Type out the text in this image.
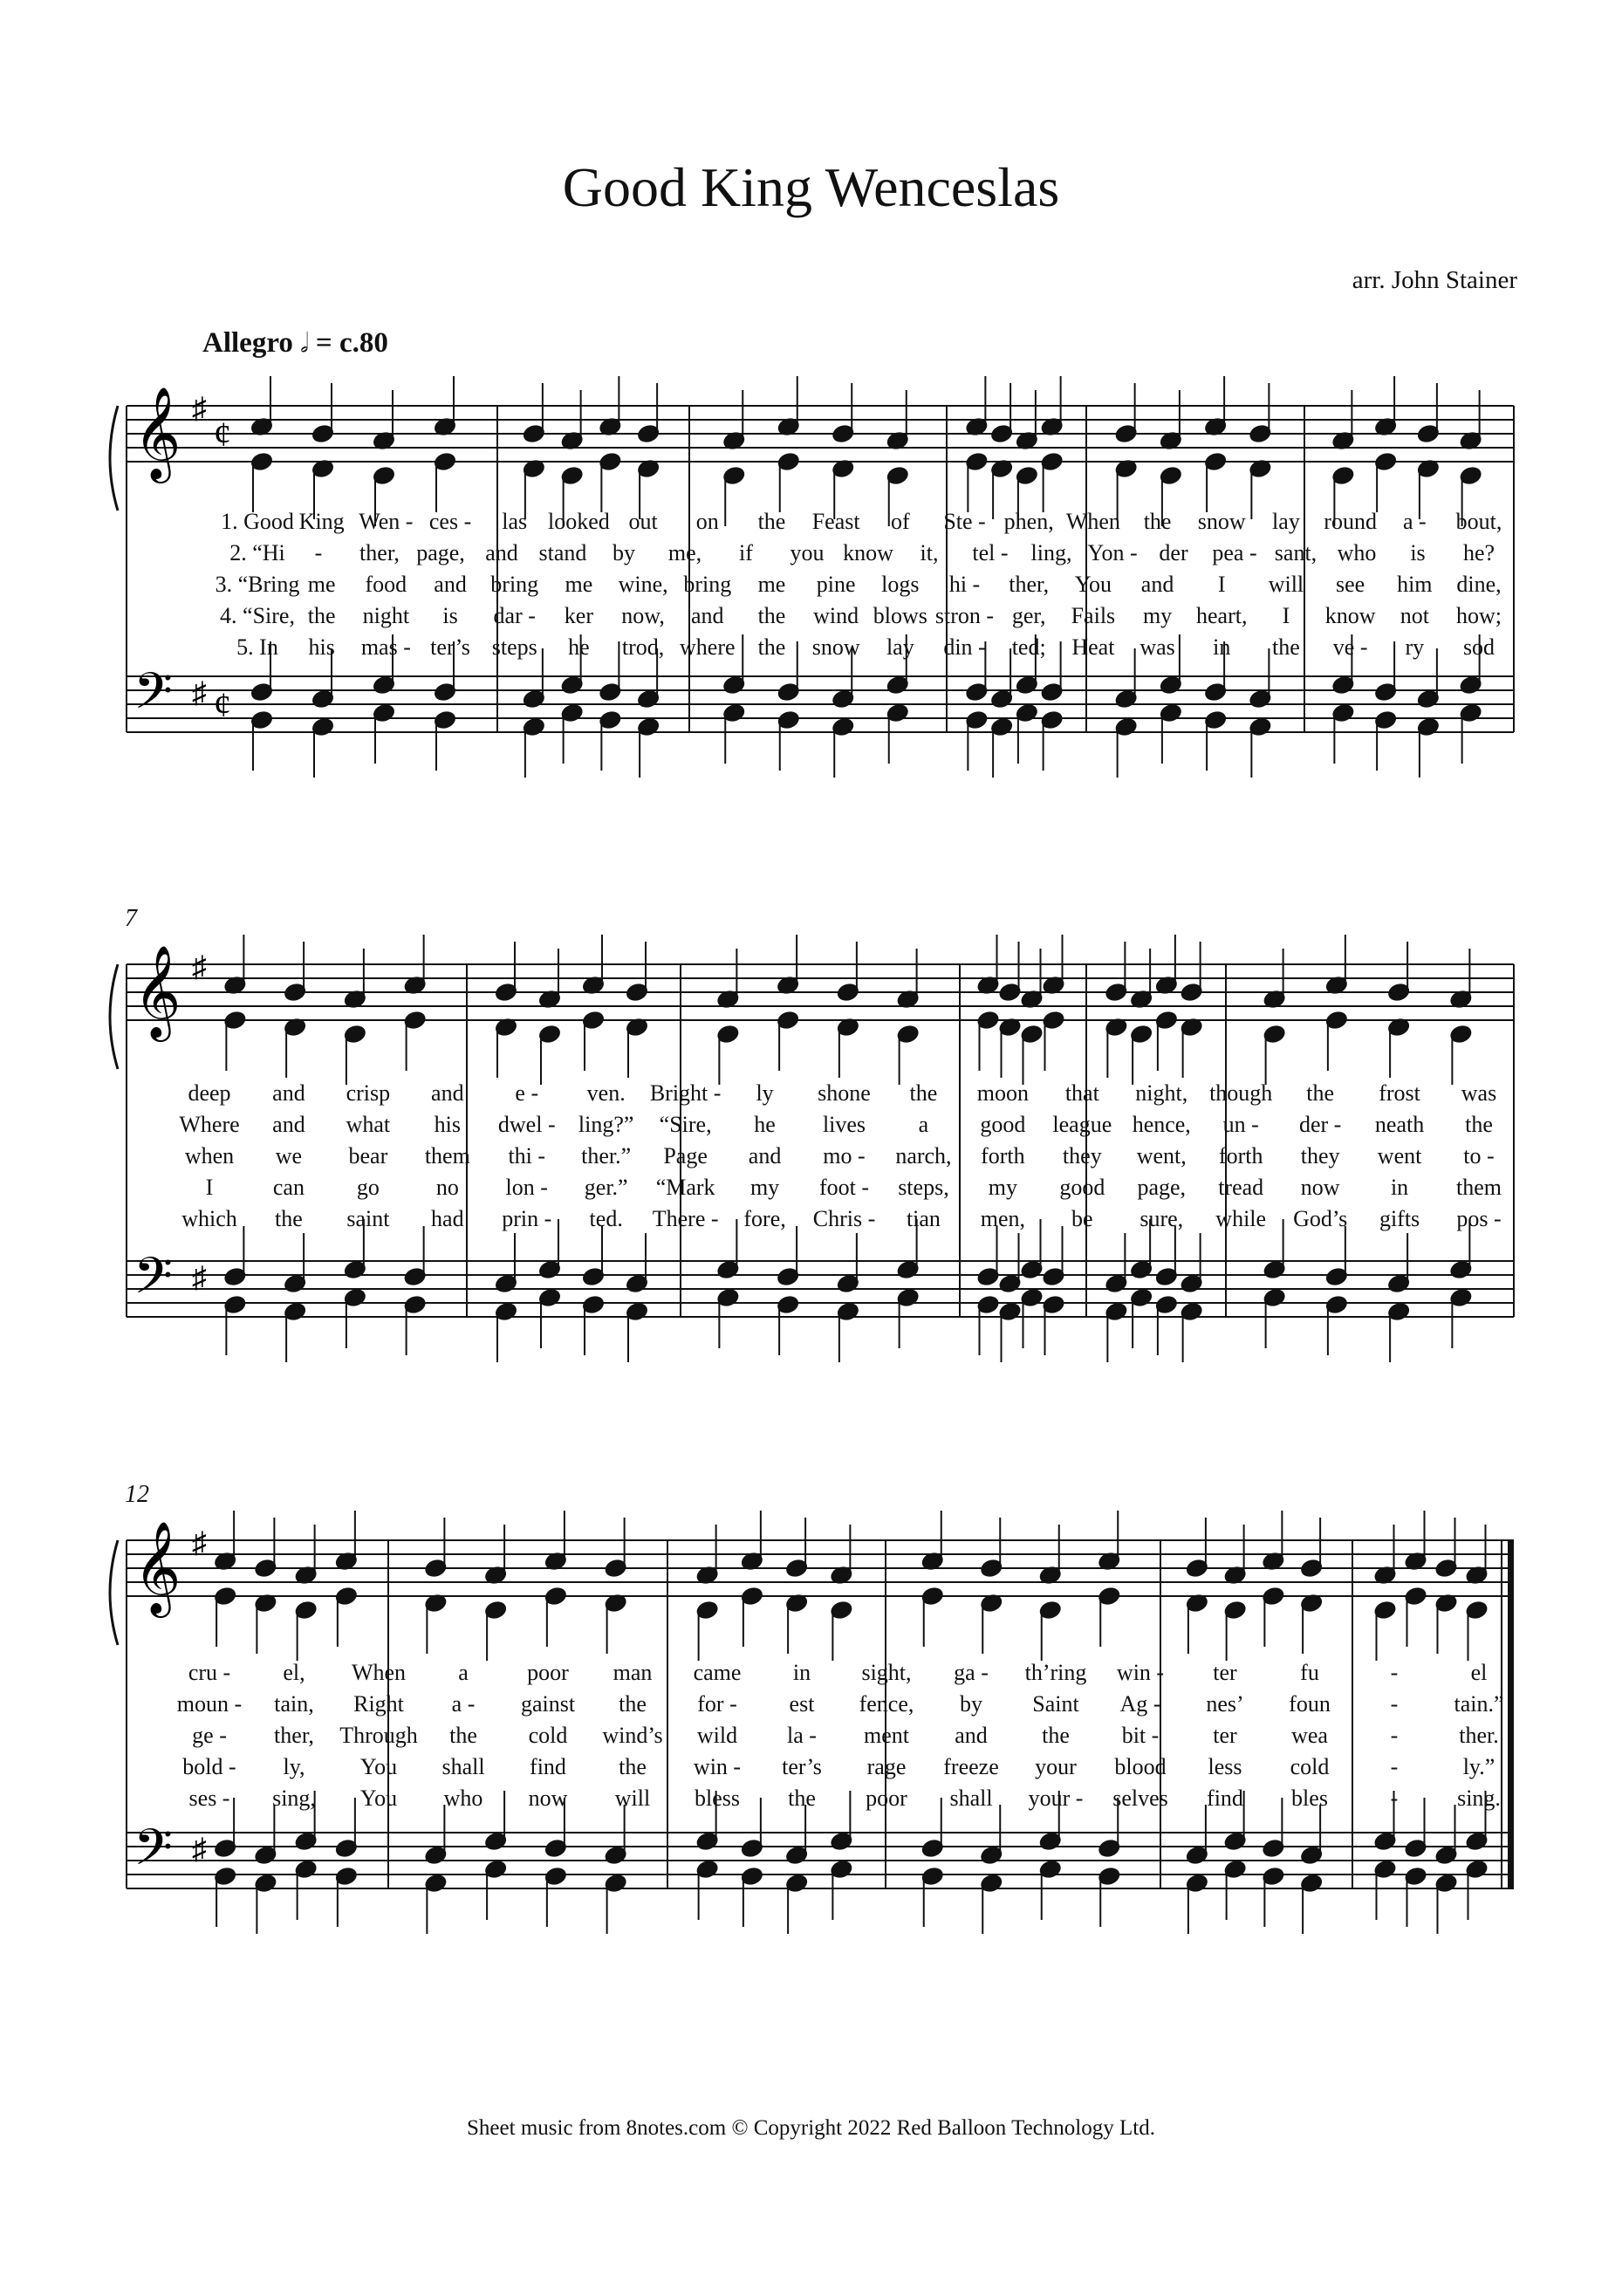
Good King Wenceslas
arr. John Stainer
Allegro 𝅗𝅥 = c.80
𝄞
𝄢
♯
♯
¢
¢
𝄞
𝄢
♯
♯
𝄞
𝄢
♯
♯
1. Good King Wen - ces - las looked out on the Feast of Ste - phen, When the snow lay round a - bout,
2. “Hi - ther, page, and stand by me, if you know it, tel - ling, Yon - der pea - sant, who is he?
3. “Bring me food and bring me wine, bring me pine logs hi - ther, You and I will see him dine,
4. “Sire, the night is dar - ker now, and the wind blows stron - ger, Fails my heart, I know not how;
5. In his mas - ter’s steps he trod, where the snow lay din - ted; Heat was in the ve - ry sod
deep and crisp and e - ven. Bright - ly shone the moon that night, though the frost was
Where and what his dwel - ling?” “Sire, he lives a good league hence, un - der - neath the
when we bear them thi - ther.” Page and mo - narch, forth they went, forth they went to -
I	can go no lon - ger.” “Mark my foot - steps, my good page, tread now in them
which the saint had prin - ted. There - fore, Chris - tian men, be sure, while God’s gifts pos -
7
cru - el, When a	poor man came in sight, ga - th’ring win - ter	fu	-	el
moun - tain, Right a - gainst the for - est fence, by Saint Ag - nes’ foun	- tain.”
ge - ther, Through the cold wind’s wild la - ment and the bit - ter wea	-	ther.
bold - ly, You shall find the win - ter’s rage freeze your blood less cold	-	ly.”
ses - sing, You who now will bless the poor shall your - selves find bles	-	sing.
12
Sheet music from 8notes.com © Copyright 2022 Red Balloon Technology Ltd.
